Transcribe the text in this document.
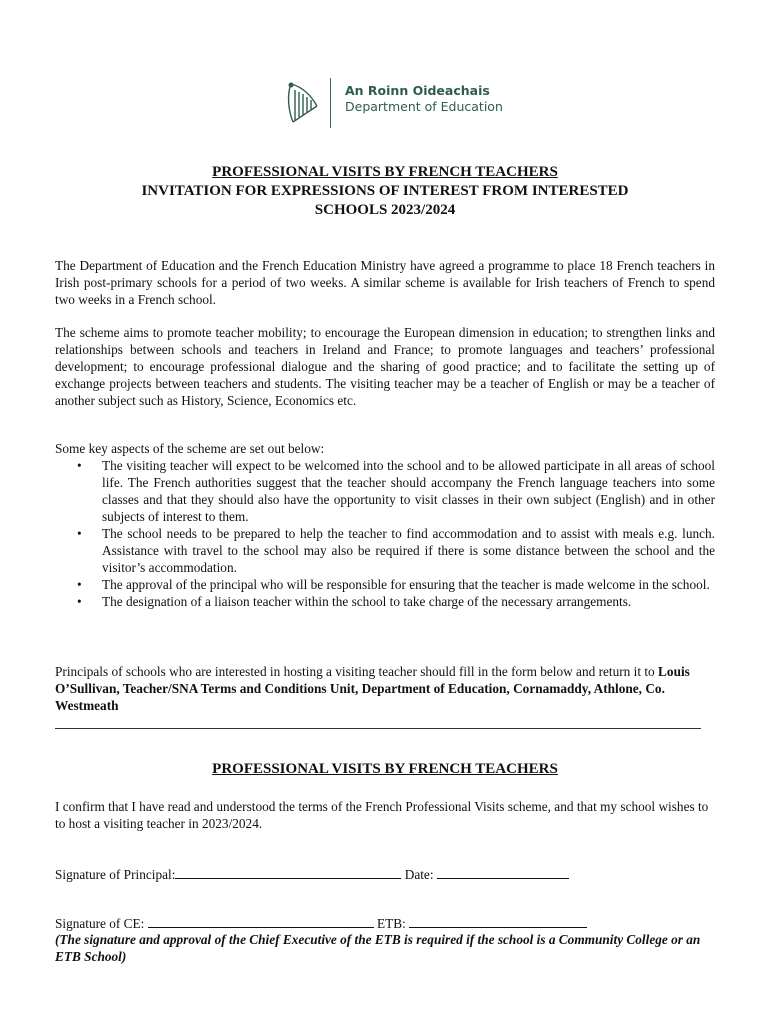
An Roinn Oideachais
Department of Education
PROFESSIONAL VISITS BY FRENCH TEACHERS
INVITATION FOR EXPRESSIONS OF INTEREST FROM INTERESTED
SCHOOLS 2023/2024

The Department of Education and the French Education Ministry have agreed a programme to place 18 French teachers in Irish post-primary schools for a period of two weeks. A similar scheme is available for Irish teachers of French to spend two weeks in a French school.

The scheme aims to promote teacher mobility; to encourage the European dimension in education; to strengthen links and relationships between schools and teachers in Ireland and France; to promote languages and teachers’ professional development; to encourage professional dialogue and the sharing of good practice; and to facilitate the setting up of exchange projects between teachers and students. The visiting teacher may be a teacher of English or may be a teacher of another subject such as History, Science, Economics etc.

Some key aspects of the scheme are set out below:

• The visiting teacher will expect to be welcomed into the school and to be allowed participate in all areas of school life. The French authorities suggest that the teacher should accompany the French language teachers into some classes and that they should also have the opportunity to visit classes in their own subject (English) and in other subjects of interest to them.
• The school needs to be prepared to help the teacher to find accommodation and to assist with meals e.g. lunch. Assistance with travel to the school may also be required if there is some distance between the school and the visitor’s accommodation.
• The approval of the principal who will be responsible for ensuring that the teacher is made welcome in the school.
• The designation of a liaison teacher within the school to take charge of the necessary arrangements.

Principals of schools who are interested in hosting a visiting teacher should fill in the form below and return it to Louis O’Sullivan, Teacher/SNA Terms and Conditions Unit, Department of Education, Cornamaddy, Athlone, Co. Westmeath

PROFESSIONAL VISITS BY FRENCH TEACHERS

I confirm that I have read and understood the terms of the French Professional Visits scheme, and that my school wishes to to host a visiting teacher in 2023/2024.

Signature of Principal:	Date:
Signature of CE:	ETB:
(The signature and approval of the Chief Executive of the ETB is required if the school is a Community College or an ETB School)
